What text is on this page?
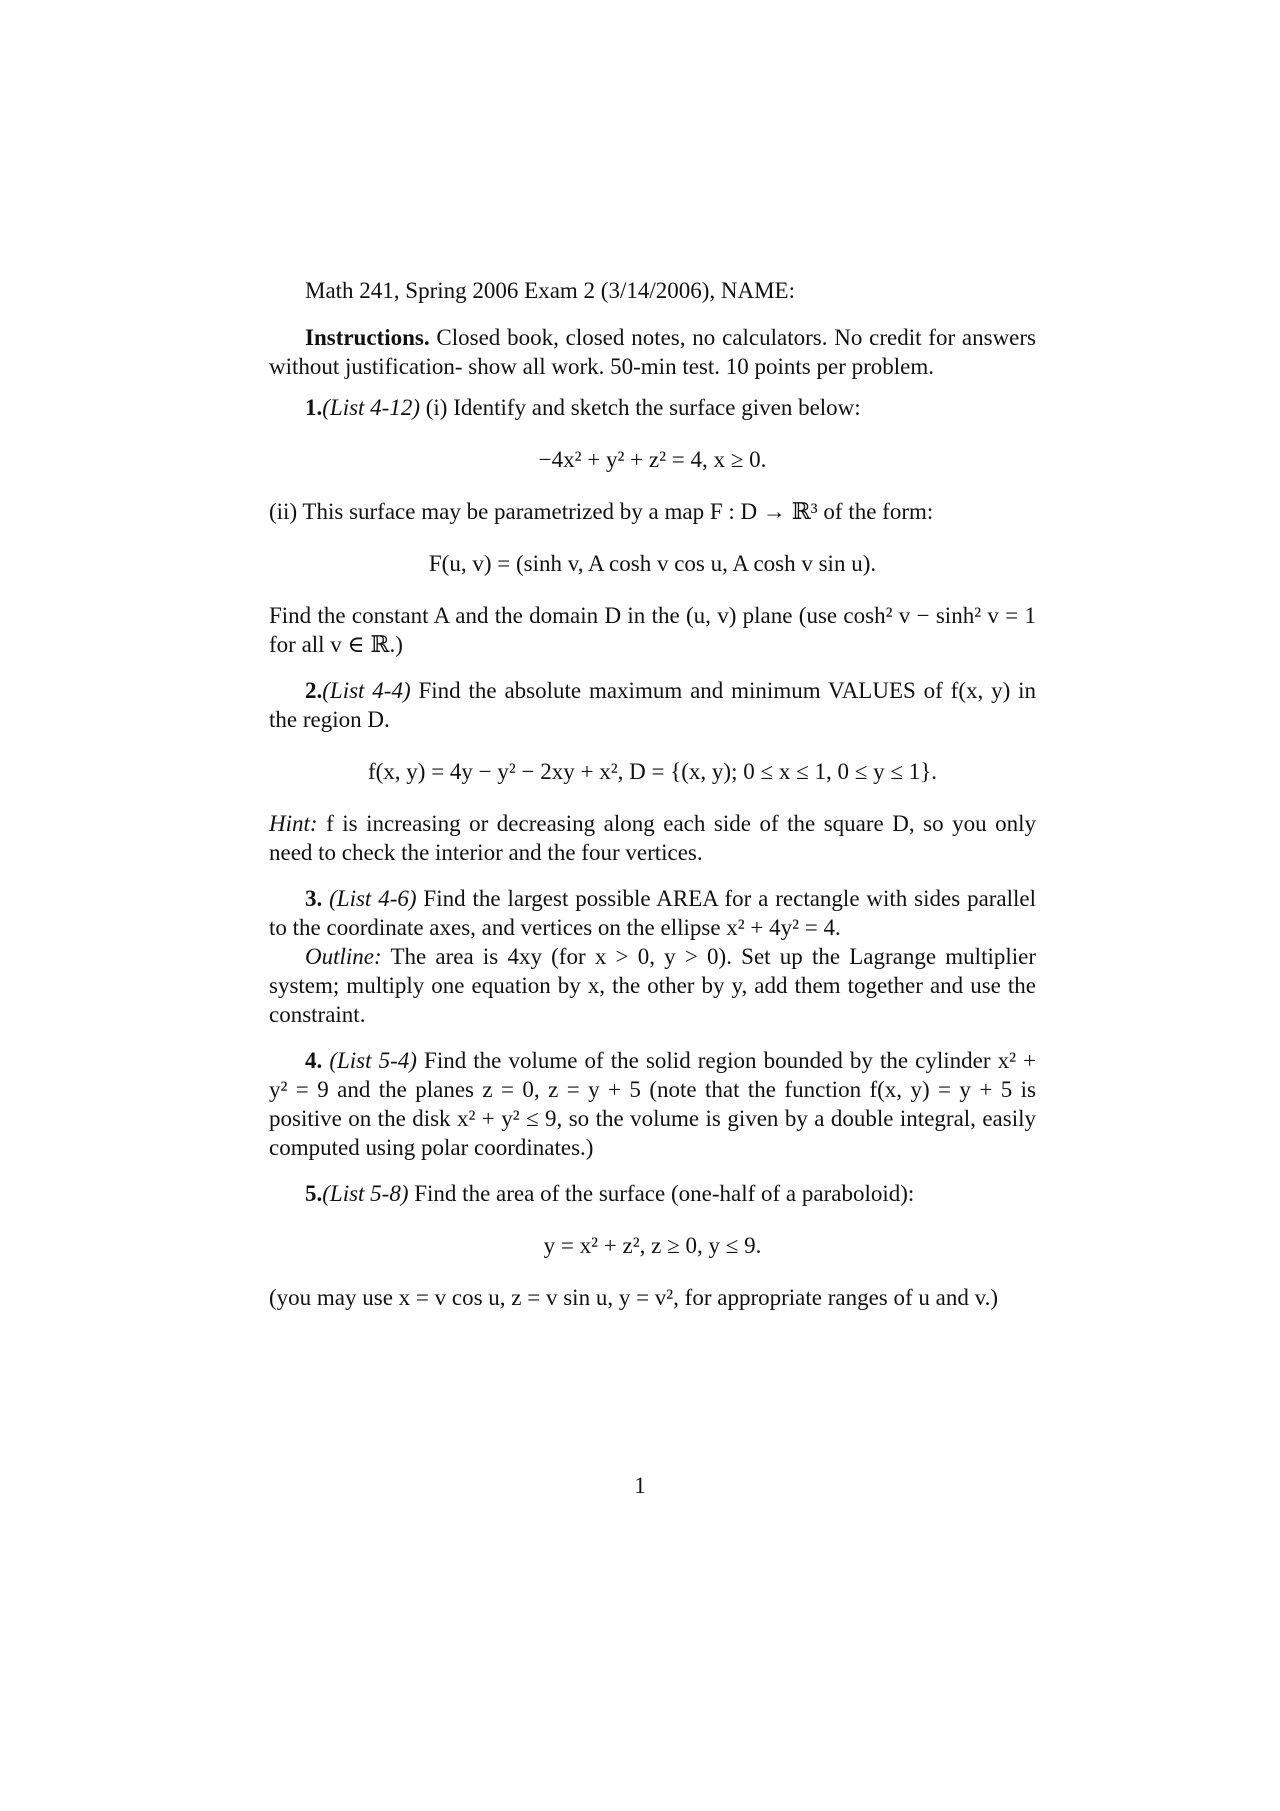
Math 241, Spring 2006 Exam 2 (3/14/2006), NAME:

Instructions. Closed book, closed notes, no calculators. No credit for answers without justification- show all work. 50-min test. 10 points per problem.

1.(List 4-12) (i) Identify and sketch the surface given below:

−4x² + y² + z² = 4, x ≥ 0.

(ii) This surface may be parametrized by a map F : D → ℝ³ of the form:

F(u, v) = (sinh v, A cosh v cos u, A cosh v sin u).

Find the constant A and the domain D in the (u, v) plane (use cosh² v − sinh² v = 1 for all v ∈ ℝ.)

2.(List 4-4) Find the absolute maximum and minimum VALUES of f(x, y) in the region D.

f(x, y) = 4y − y² − 2xy + x², D = {(x, y); 0 ≤ x ≤ 1, 0 ≤ y ≤ 1}.

Hint: f is increasing or decreasing along each side of the square D, so you only need to check the interior and the four vertices.

3. (List 4-6) Find the largest possible AREA for a rectangle with sides parallel to the coordinate axes, and vertices on the ellipse x² + 4y² = 4.

Outline: The area is 4xy (for x > 0, y > 0). Set up the Lagrange multiplier system; multiply one equation by x, the other by y, add them together and use the constraint.

4. (List 5-4) Find the volume of the solid region bounded by the cylinder x² + y² = 9 and the planes z = 0, z = y + 5 (note that the function f(x, y) = y + 5 is positive on the disk x² + y² ≤ 9, so the volume is given by a double integral, easily computed using polar coordinates.)

5.(List 5-8) Find the area of the surface (one-half of a paraboloid):

y = x² + z², z ≥ 0, y ≤ 9.

(you may use x = v cos u, z = v sin u, y = v², for appropriate ranges of u and v.)

1
